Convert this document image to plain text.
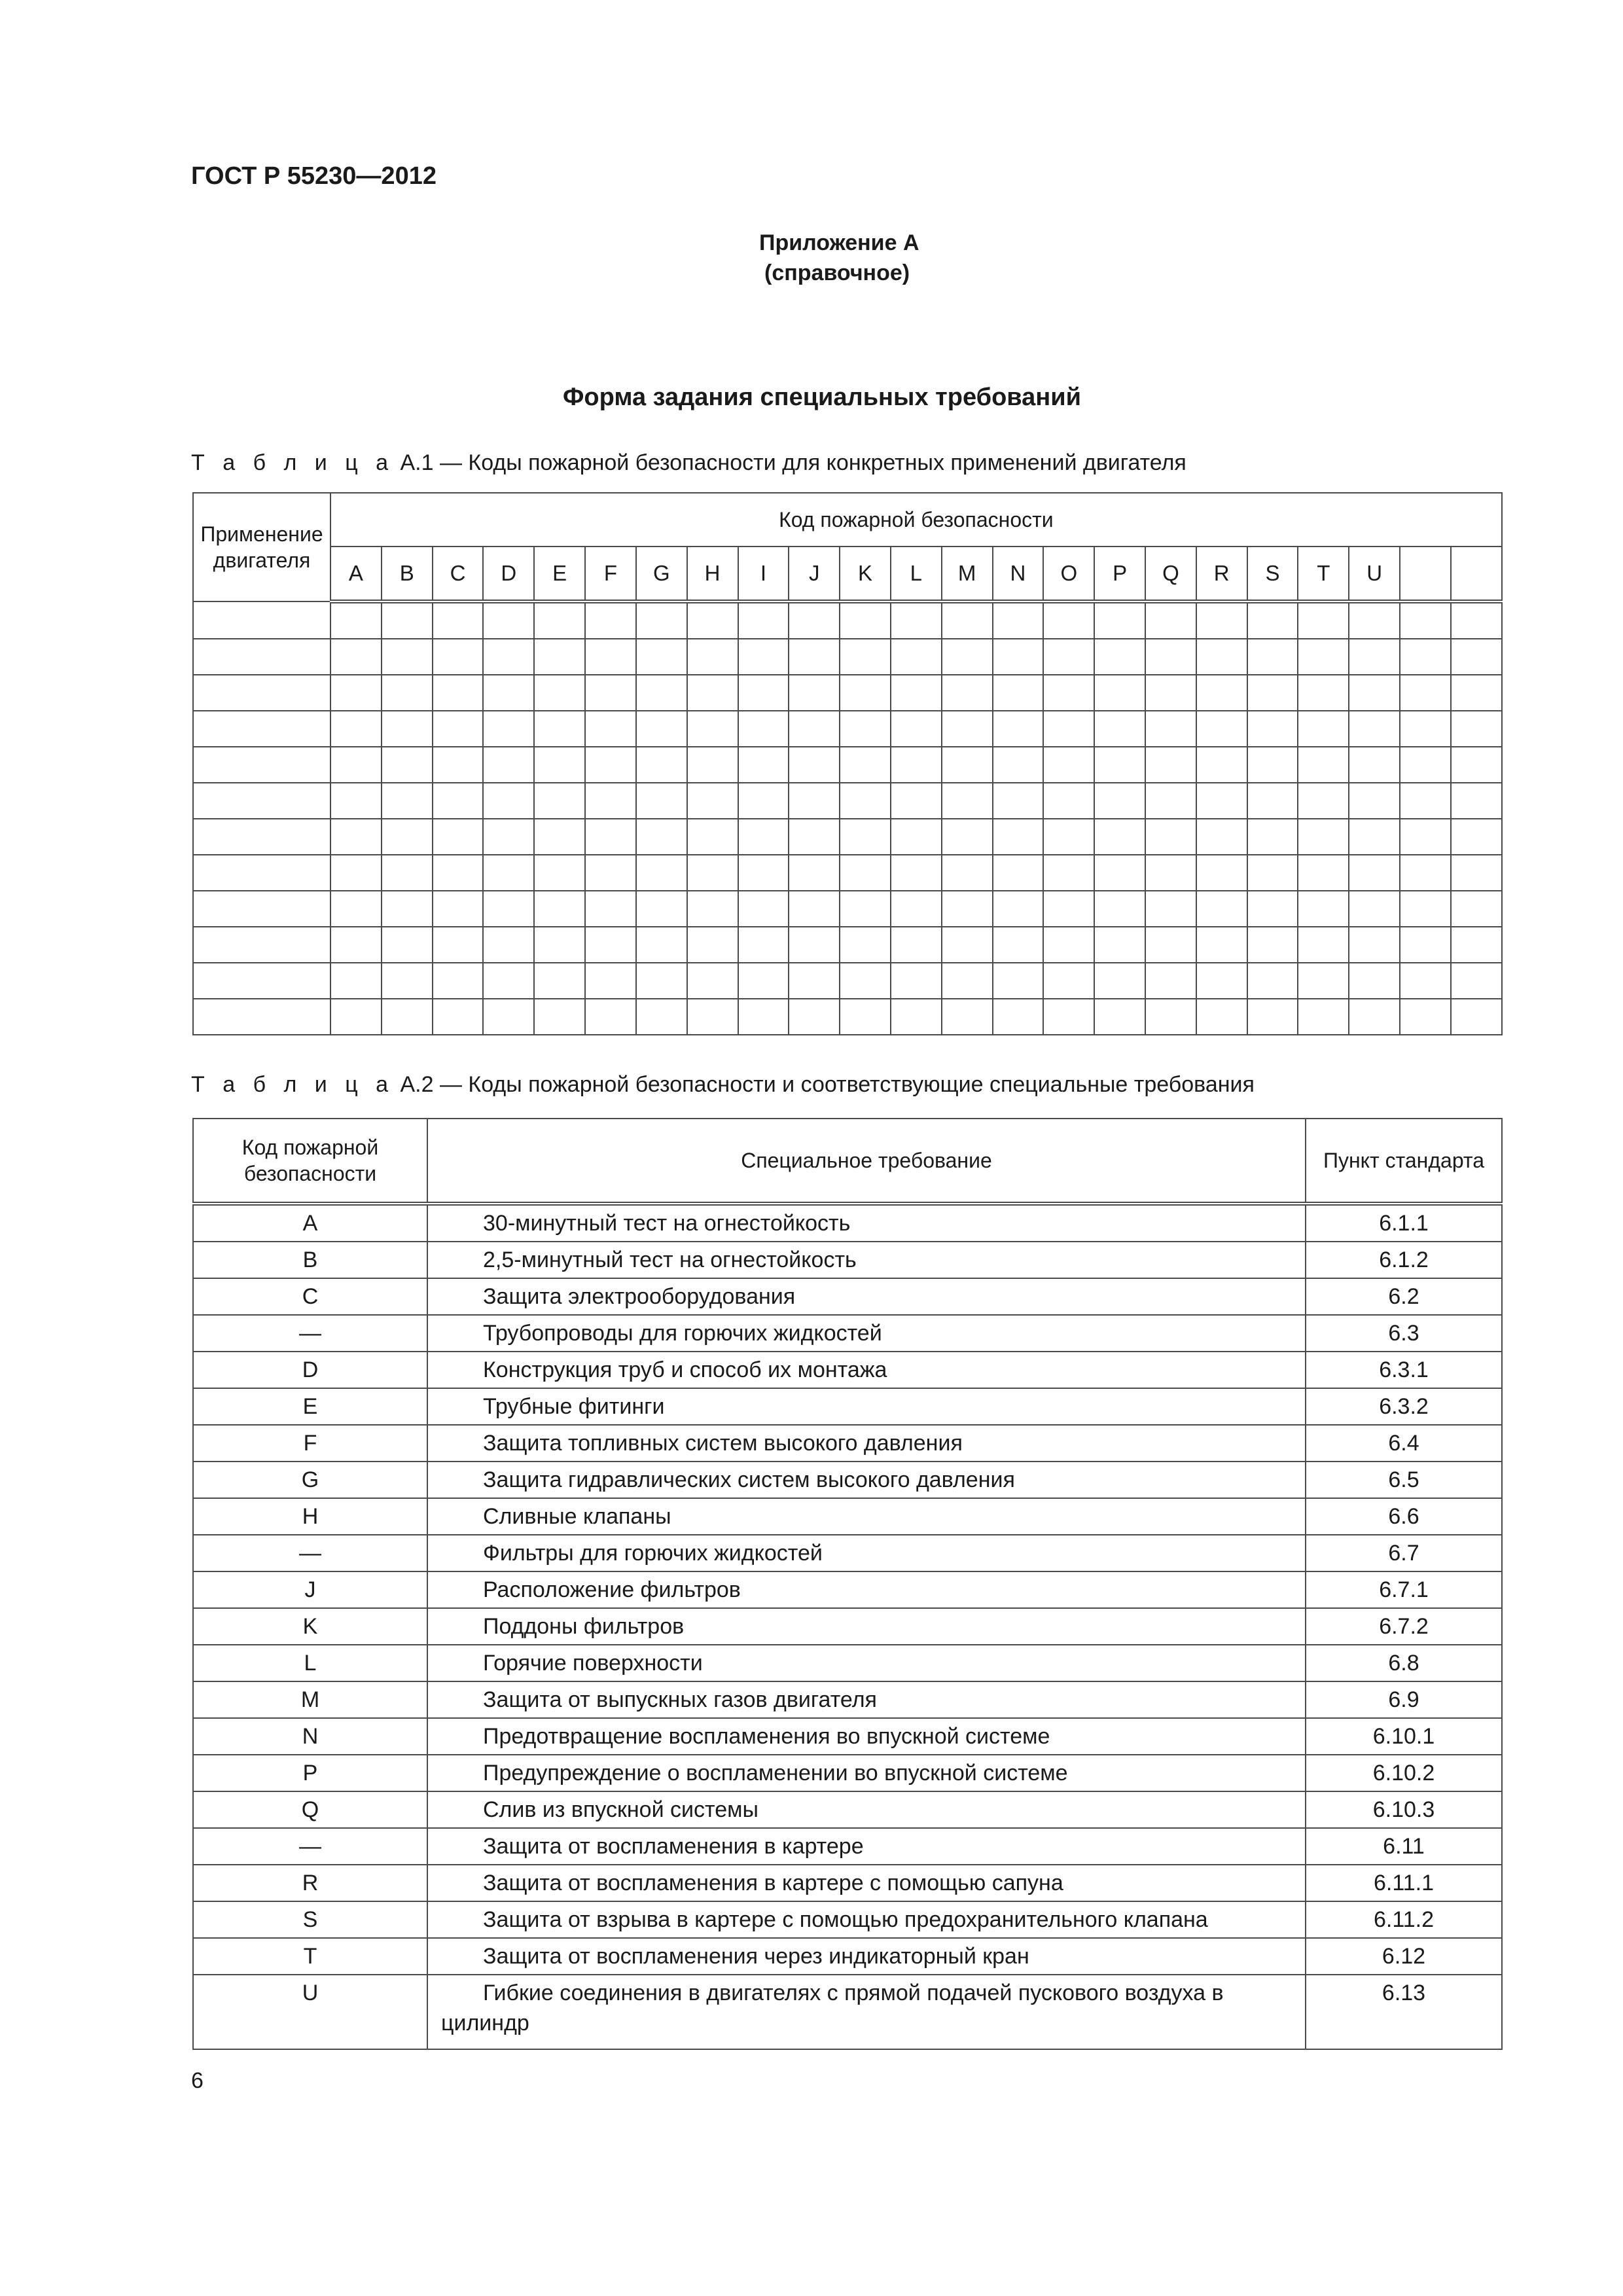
ГОСТ Р 55230—2012
Приложение А
(справочное)
Форма задания специальных требований
Т а б л и ц а А.1 — Коды пожарной безопасности для конкретных применений двигателя
Применение двигателя	Код пожарной безопасности																						
	A	B	C	D	E	F	G	H	I	J	K	L	M	N	O	P	Q	R	S	T	U		

Т а б л и ц а А.2 — Коды пожарной безопасности и соответствующие специальные требования
Код пожарной безопасности	Специальное требование	Пункт стандарта
A	30-минутный тест на огнестойкость	6.1.1
B	2,5-минутный тест на огнестойкость	6.1.2
C	Защита электрооборудования	6.2
—	Трубопроводы для горючих жидкостей	6.3
D	Конструкция труб и способ их монтажа	6.3.1
E	Трубные фитинги	6.3.2
F	Защита топливных систем высокого давления	6.4
G	Защита гидравлических систем высокого давления	6.5
H	Сливные клапаны	6.6
—	Фильтры для горючих жидкостей	6.7
J	Расположение фильтров	6.7.1
K	Поддоны фильтров	6.7.2
L	Горячие поверхности	6.8
M	Защита от выпускных газов двигателя	6.9
N	Предотвращение воспламенения во впускной системе	6.10.1
P	Предупреждение о воспламенении во впускной системе	6.10.2
Q	Слив из впускной системы	6.10.3
—	Защита от воспламенения в картере	6.11
R	Защита от воспламенения в картере с помощью сапуна	6.11.1
S	Защита от взрыва в картере с помощью предохранительного клапана	6.11.2
T	Защита от воспламенения через индикаторный кран	6.12
U	Гибкие соединения в двигателях с прямой подачей пускового воздуха в цилиндр	6.13
6
